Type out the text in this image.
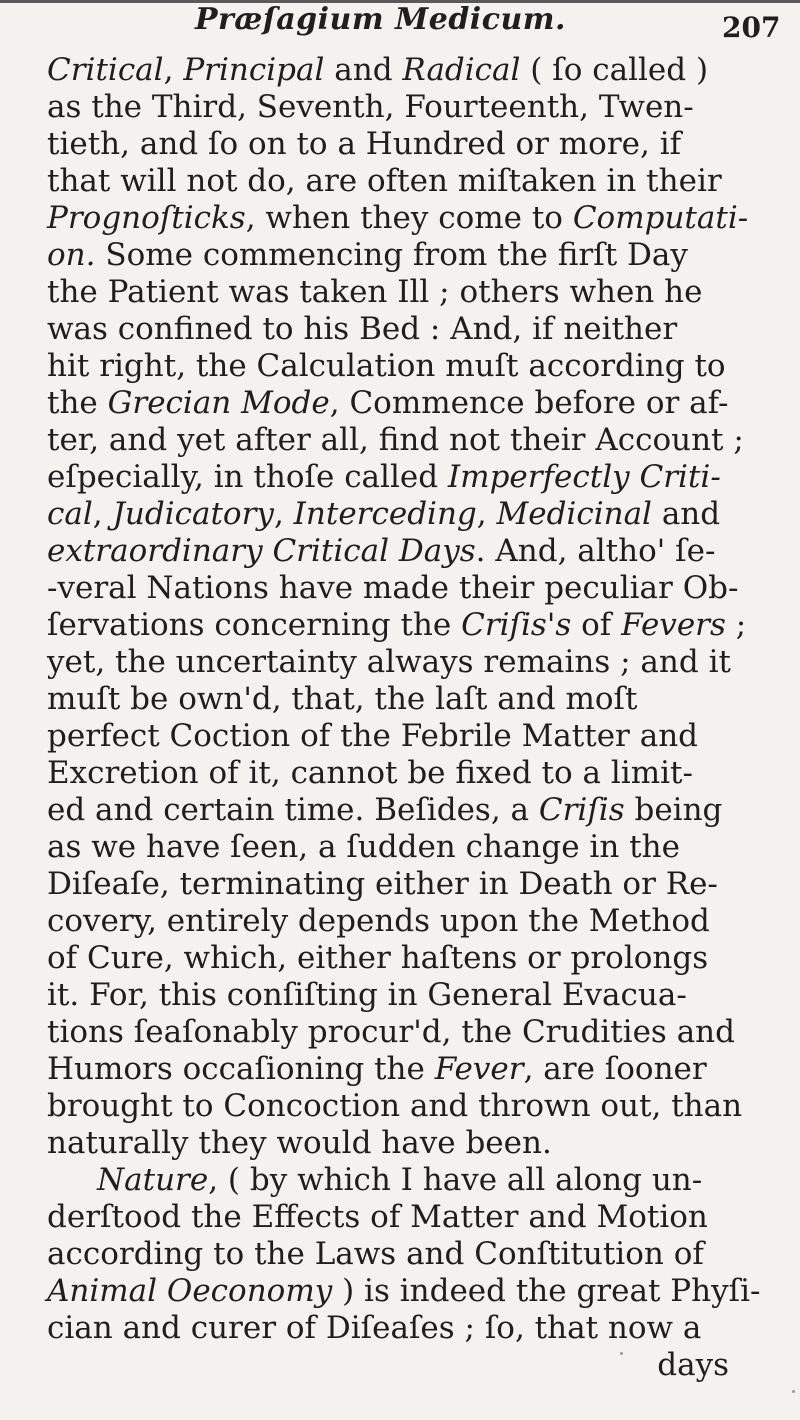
Præſagium Medicum.	207
Critical, Principal and Radical ( ſo called )
as the Third, Seventh, Fourteenth, Twen-
tieth, and ſo on to a Hundred or more, if
that will not do, are often miſtaken in their
Prognoſticks, when they come to Computati-
on. Some commencing from the firſt Day
the Patient was taken Ill ; others when he
was confined to his Bed : And, if neither
hit right, the Calculation muſt according to
the Grecian Mode, Commence before or af-
ter, and yet after all, find not their Account ;
eſpecially, in thoſe called Imperfectly Criti-
cal, Judicatory, Interceding, Medicinal and
extraordinary Critical Days. And, altho' ſe-
-veral Nations have made their peculiar Ob-
ſervations concerning the Criſis's of Fevers ;
yet, the uncertainty always remains ; and it
muſt be own'd, that, the laſt and moſt
perfect Coction of the Febrile Matter and
Excretion of it, cannot be fixed to a limit-
ed and certain time. Beſides, a Criſis being
as we have ſeen, a ſudden change in the
Diſeaſe, terminating either in Death or Re-
covery, entirely depends upon the Method
of Cure, which, either haſtens or prolongs
it. For, this conſiſting in General Evacua-
tions ſeaſonably procur'd, the Crudities and
Humors occaſioning the Fever, are ſooner
brought to Concoction and thrown out, than
naturally they would have been.
Nature, ( by which I have all along un-
derſtood the Effects of Matter and Motion
according to the Laws and Conſtitution of
Animal Oeconomy ) is indeed the great Phyſi-
cian and curer of Diſeaſes ; ſo, that now a
days
